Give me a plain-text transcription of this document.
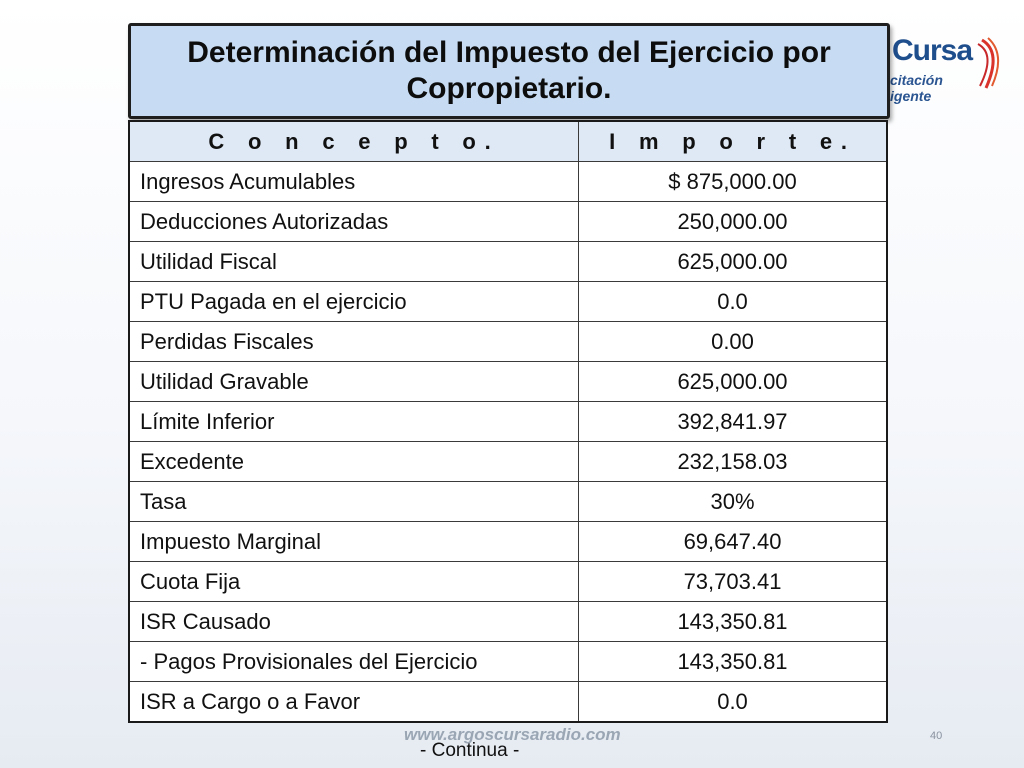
Cursa
citación
igente
Determinación del Impuesto del Ejercicio por Copropietario.
C o n c e p t o.	I m p o r t e.
Ingresos Acumulables	$ 875,000.00
Deducciones Autorizadas	250,000.00
Utilidad Fiscal	625,000.00
PTU Pagada en el ejercicio	0.0
Perdidas Fiscales	0.00
Utilidad Gravable	625,000.00
Límite Inferior	392,841.97
Excedente	232,158.03
Tasa	30%
Impuesto Marginal	69,647.40
Cuota Fija	73,703.41
ISR Causado	143,350.81
- Pagos Provisionales del Ejercicio	143,350.81
ISR a Cargo o a Favor	0.0
www.argoscursaradio.com
- Continua -
40
